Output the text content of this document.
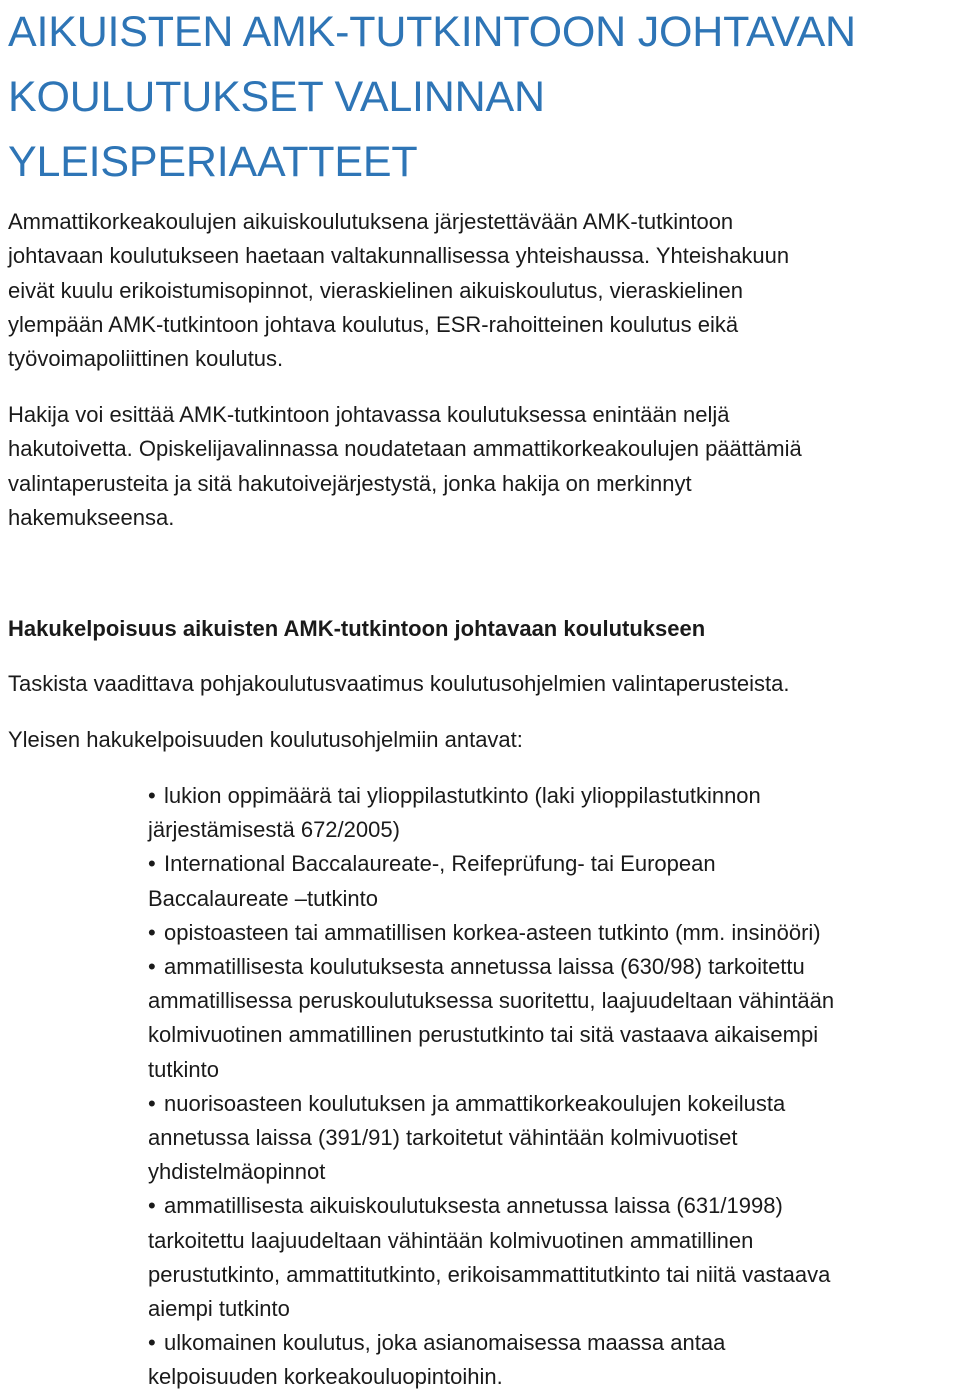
AIKUISTEN AMK-TUTKINTOON JOHTAVAN
KOULUTUKSET VALINNAN
YLEISPERIAATTEET

Ammattikorkeakoulujen aikuiskoulutuksena järjestettävään AMK-tutkintoon
johtavaan koulutukseen haetaan valtakunnallisessa yhteishaussa. Yhteishakuun
eivät kuulu erikoistumisopinnot, vieraskielinen aikuiskoulutus, vieraskielinen
ylempään AMK-tutkintoon johtava koulutus, ESR-rahoitteinen koulutus eikä
työvoimapoliittinen koulutus.

Hakija voi esittää AMK-tutkintoon johtavassa koulutuksessa enintään neljä
hakutoivetta. Opiskelijavalinnassa noudatetaan ammattikorkeakoulujen päättämiä
valintaperusteita ja sitä hakutoivejärjestystä, jonka hakija on merkinnyt
hakemukseensa.

Hakukelpoisuus aikuisten AMK-tutkintoon johtavaan koulutukseen

Taskista vaadittava pohjakoulutusvaatimus koulutusohjelmien valintaperusteista.

Yleisen hakukelpoisuuden koulutusohjelmiin antavat:

• lukion oppimäärä tai ylioppilastutkinto (laki ylioppilastutkinnon
järjestämisestä 672/2005)
• International Baccalaureate-, Reifeprüfung- tai European
Baccalaureate –tutkinto
• opistoasteen tai ammatillisen korkea-asteen tutkinto (mm. insinööri)
• ammatillisesta koulutuksesta annetussa laissa (630/98) tarkoitettu
ammatillisessa peruskoulutuksessa suoritettu, laajuudeltaan vähintään
kolmivuotinen ammatillinen perustutkinto tai sitä vastaava aikaisempi
tutkinto
• nuorisoasteen koulutuksen ja ammattikorkeakoulujen kokeilusta
annetussa laissa (391/91) tarkoitetut vähintään kolmivuotiset
yhdistelmäopinnot
• ammatillisesta aikuiskoulutuksesta annetussa laissa (631/1998)
tarkoitettu laajuudeltaan vähintään kolmivuotinen ammatillinen
perustutkinto, ammattitutkinto, erikoisammattitutkinto tai niitä vastaava
aiempi tutkinto
• ulkomainen koulutus, joka asianomaisessa maassa antaa
kelpoisuuden korkeakouluopintoihin.
